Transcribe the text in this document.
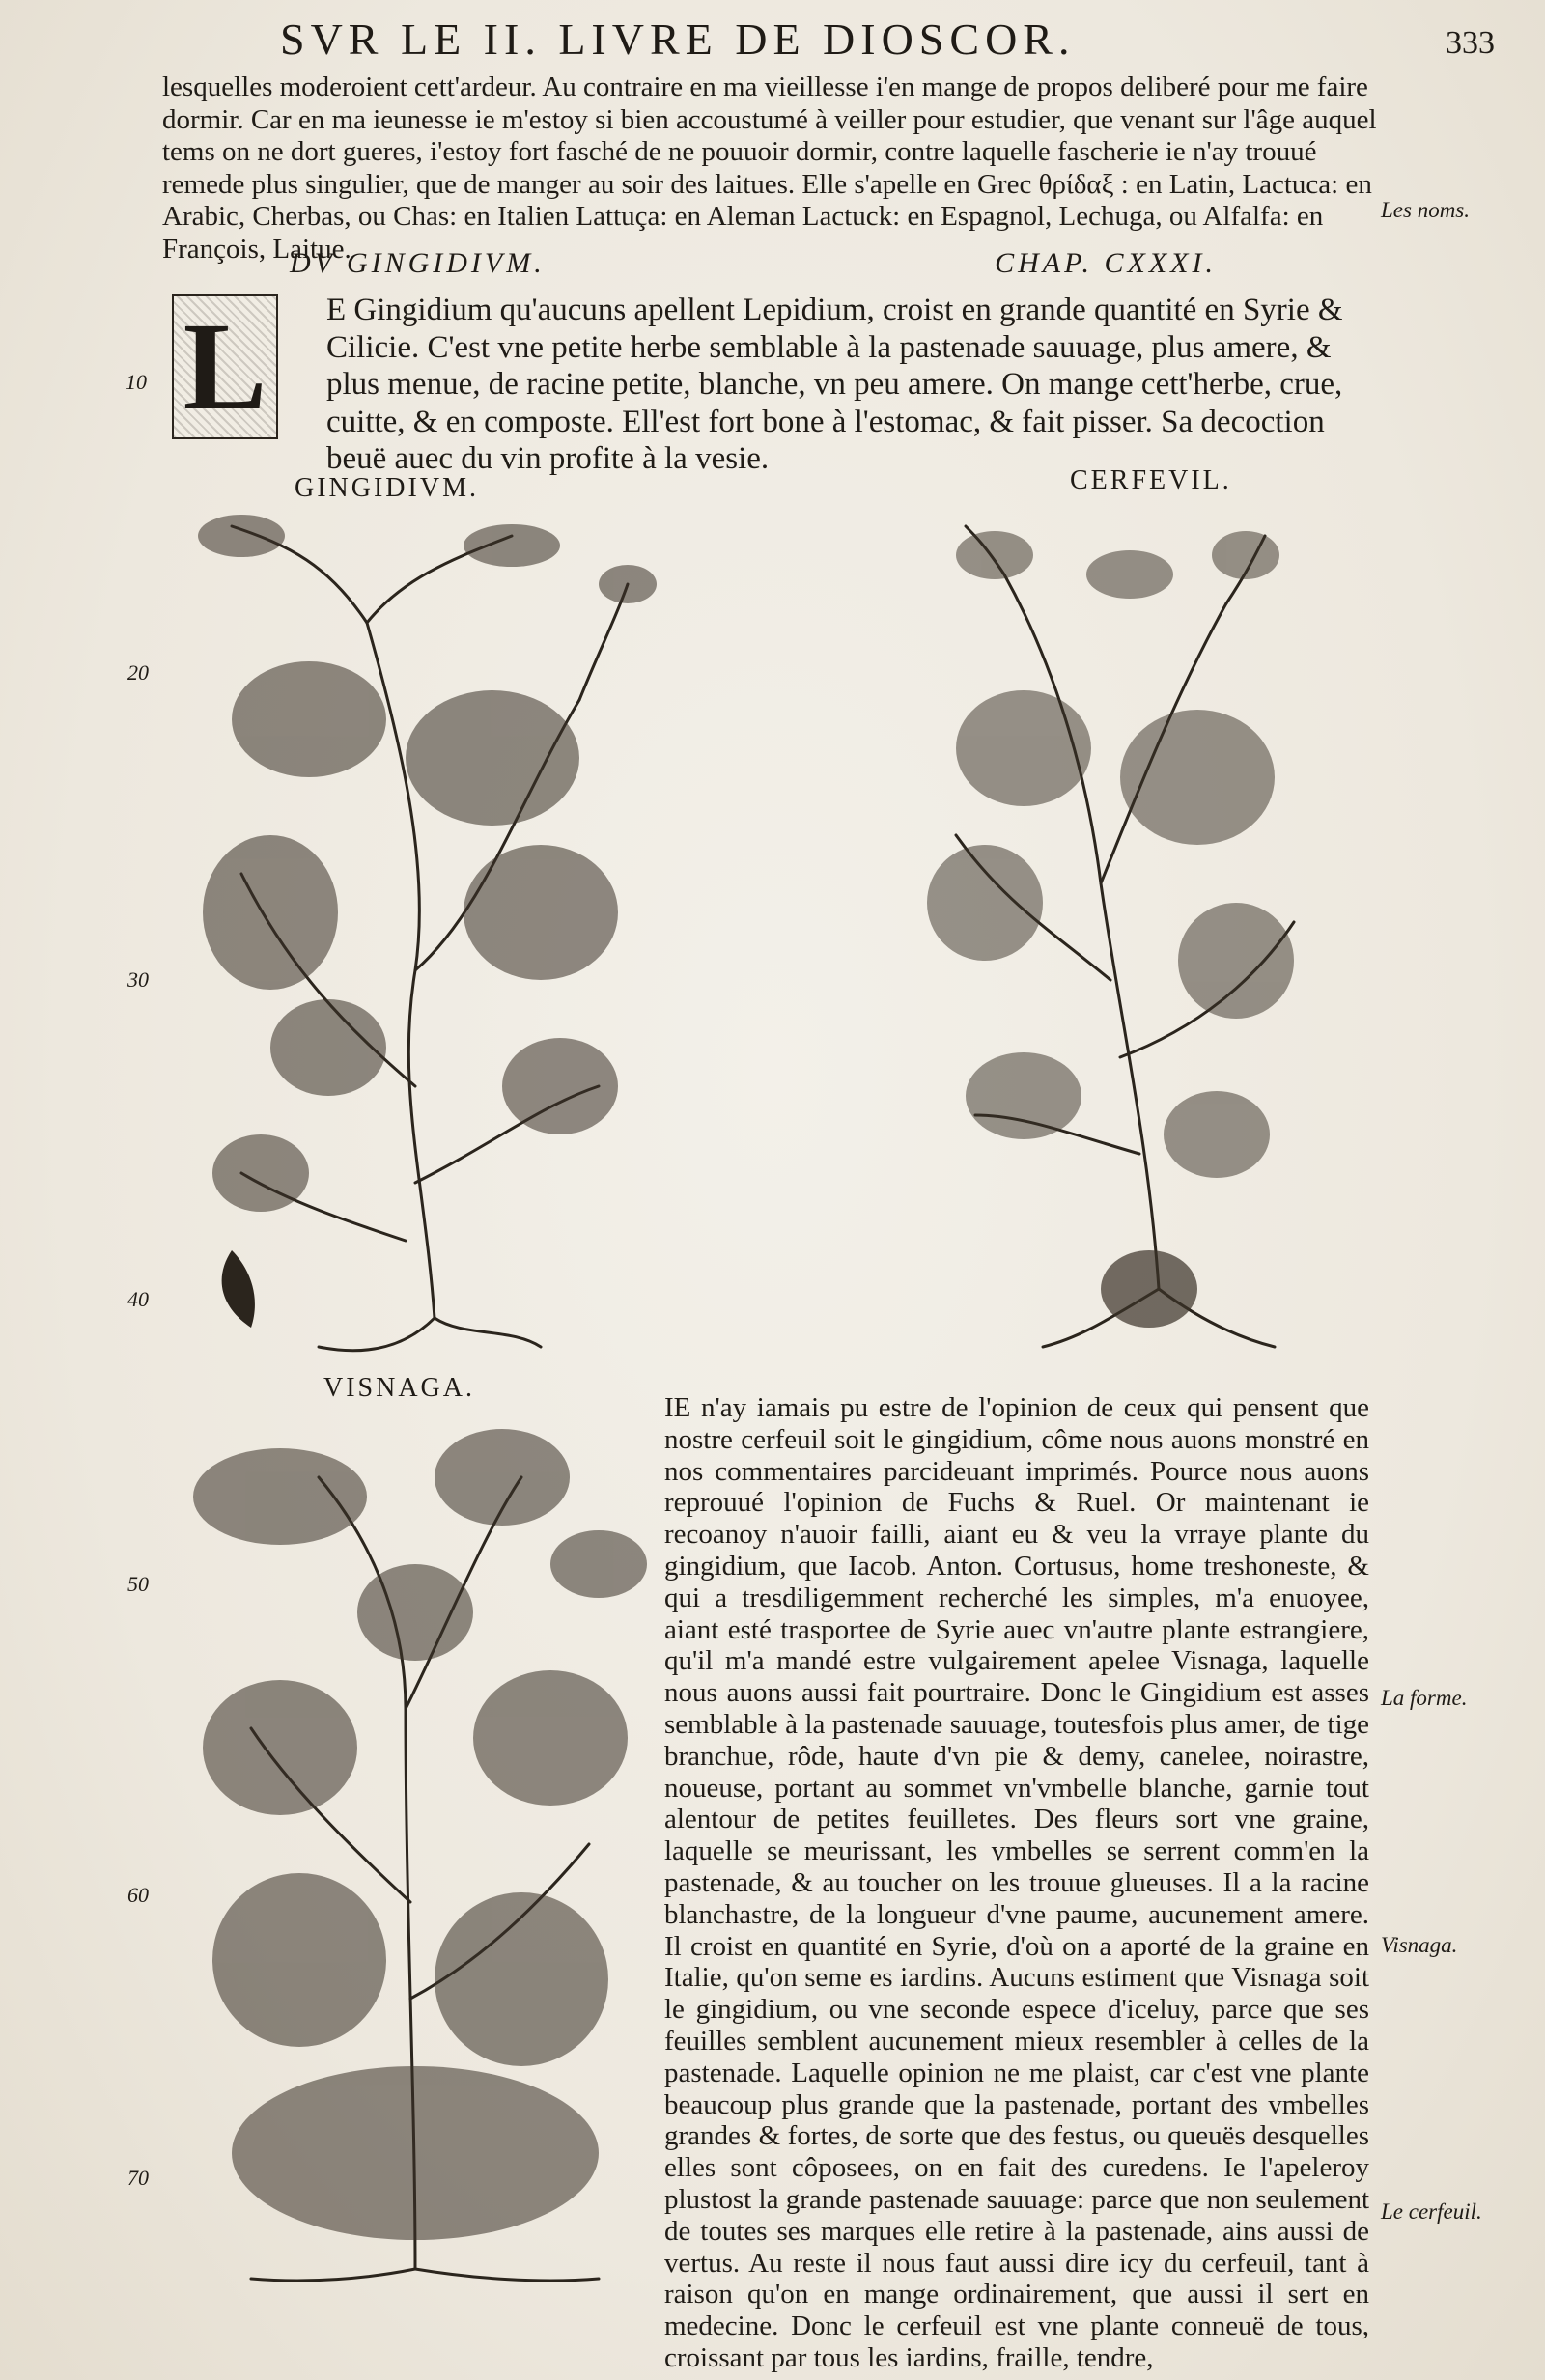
SVR LE II. LIVRE DE DIOSCOR.	333

lesquelles moderoient cett'ardeur. Au contraire en ma vieillesse i'en mange de propos deliberé pour me faire dormir. Car en ma ieunesse ie m'estoy si bien accoustumé à veiller pour estudier, que venant sur l'âge auquel tems on ne dort gueres, i'estoy fort fasché de ne pouuoir dormir, contre laquelle fascherie ie n'ay trouué remede plus singulier, que de manger au soir des laitues. Elle s'apelle en Grec θρίδαξ : en Latin, Lactuca: en Arabic, Cherbas, ou Chas: en Italien Lattuça: en Aleman Lactuck: en Espagnol, Lechuga, ou Alfalfa: en François, Laitue.

DV GINGIDIVM.	CHAP. CXXXI.
L	E Gingidium qu'aucuns apellent Lepidium, croist en grande quantité en Syrie & Cilicie. C'est vne petite herbe semblable à la pastenade sauuage, plus amere, & plus menue, de racine petite, blanche, vn peu amere. On mange cett'herbe, crue, cuitte, & en composte. Ell'est fort bone à l'estomac, & fait pisser. Sa decoction beuë auec du vin profite à la vesie.

GINGIDIVM.	CERFEVIL.
VISNAGA.

IE n'ay iamais pu estre de l'opinion de ceux qui pensent que nostre cerfeuil soit le gingidium, côme nous auons monstré en nos commentaires parcideuant imprimés. Pource nous auons reprouué l'opinion de Fuchs & Ruel. Or maintenant ie recoanoy n'auoir failli, aiant eu & veu la vrraye plante du gingidium, que Iacob. Anton. Cortusus, home treshoneste, & qui a tresdiligemment recherché les simples, m'a enuoyee, aiant esté trasportee de Syrie auec vn'autre plante estrangiere, qu'il m'a mandé estre vulgairement apelee Visnaga, laquelle nous auons aussi fait pourtraire. Donc le Gingidium est asses semblable à la pastenade sauuage, toutesfois plus amer, de tige branchue, rôde, haute d'vn pie & demy, canelee, noirastre, noueuse, portant au sommet vn'vmbelle blanche, garnie tout alentour de petites feuilletes. Des fleurs sort vne graine, laquelle se meurissant, les vmbelles se serrent comm'en la pastenade, & au toucher on les trouue glueuses. Il a la racine blanchastre, de la longueur d'vne paume, aucunement amere. Il croist en quantité en Syrie, d'où on a aporté de la graine en Italie, qu'on seme es iardins. Aucuns estiment que Visnaga soit le gingidium, ou vne seconde espece d'iceluy, parce que ses feuilles semblent aucunement mieux resembler à celles de la pastenade. Laquelle opinion ne me plaist, car c'est vne plante beaucoup plus grande que la pastenade, portant des vmbelles grandes & fortes, de sorte que des festus, ou queuës desquelles elles sont côposees, on en fait des curedens. Ie l'apeleroy plustost la grande pastenade sauuage: parce que non seulement de toutes ses marques elle retire à la pastenade, ains aussi de vertus. Au reste il nous faut aussi dire icy du cerfeuil, tant à raison qu'on en mange ordinairement, que aussi il sert en medecine. Donc le cerfeuil est vne plante conneuë de tous, croissant par tous les iardins, fraille, tendre,

Les noms.
La forme.
Visnaga.
Le cerfeuil.
10
20
30
40
50
60
70
